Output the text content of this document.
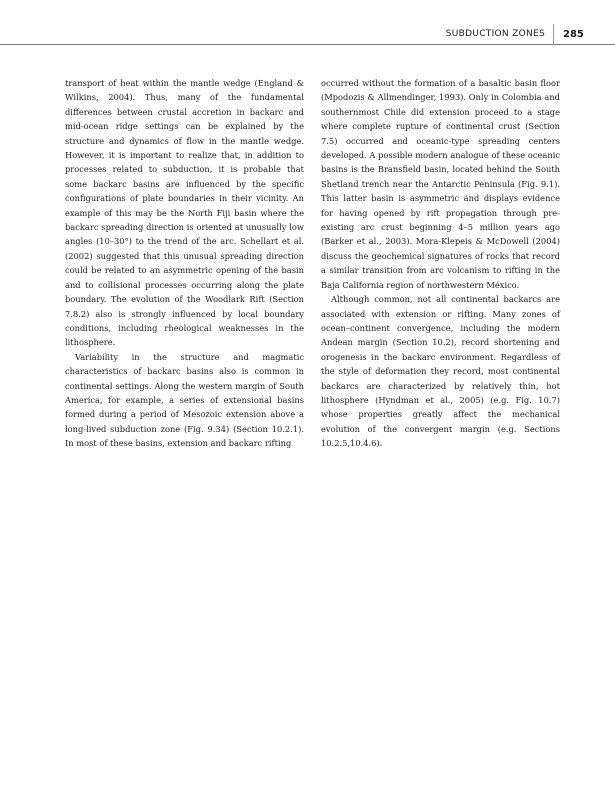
SUBDUCTION ZONES 285

transport of heat within the mantle wedge (England & Wilkins, 2004). Thus, many of the fundamental differences between crustal accretion in backarc and mid-ocean ridge settings can be explained by the structure and dynamics of flow in the mantle wedge. However, it is important to realize that, in addition to processes related to subduction, it is probable that some backarc basins are influenced by the specific configurations of plate boundaries in their vicinity. An example of this may be the North Fiji basin where the backarc spreading direction is oriented at unusually low angles (10–30°) to the trend of the arc. Schellart et al. (2002) suggested that this unusual spreading direction could be related to an asymmetric opening of the basin and to collisional processes occurring along the plate boundary. The evolution of the Woodlark Rift (Section 7.8.2) also is strongly influenced by local boundary conditions, including rheological weaknesses in the lithosphere.

Variability in the structure and magmatic characteristics of backarc basins also is common in continental settings. Along the western margin of South America, for example, a series of extensional basins formed during a period of Mesozoic extension above a long-lived subduction zone (Fig. 9.34) (Section 10.2.1). In most of these basins, extension and backarc rifting

occurred without the formation of a basaltic basin floor (Mpodozis & Allmendinger, 1993). Only in Colombia and southernmost Chile did extension proceed to a stage where complete rupture of continental crust (Section 7.5) occurred and oceanic-type spreading centers developed. A possible modern analogue of these oceanic basins is the Bransfield basin, located behind the South Shetland trench near the Antarctic Peninsula (Fig. 9.1). This latter basin is asymmetric and displays evidence for having opened by rift propagation through pre-existing arc crust beginning 4–5 million years ago (Barker et al., 2003). Mora-Klepeis & McDowell (2004) discuss the geochemical signatures of rocks that record a similar transition from arc volcanism to rifting in the Baja California region of northwestern México.

Although common, not all continental backarcs are associated with extension or rifting. Many zones of ocean–continent convergence, including the modern Andean margin (Section 10.2), record shortening and orogenesis in the backarc environment. Regardless of the style of deformation they record, most continental backarcs are characterized by relatively thin, hot lithosphere (Hyndman et al., 2005) (e.g. Fig. 10.7) whose properties greatly affect the mechanical evolution of the convergent margin (e.g. Sections 10.2.5,10.4.6).
